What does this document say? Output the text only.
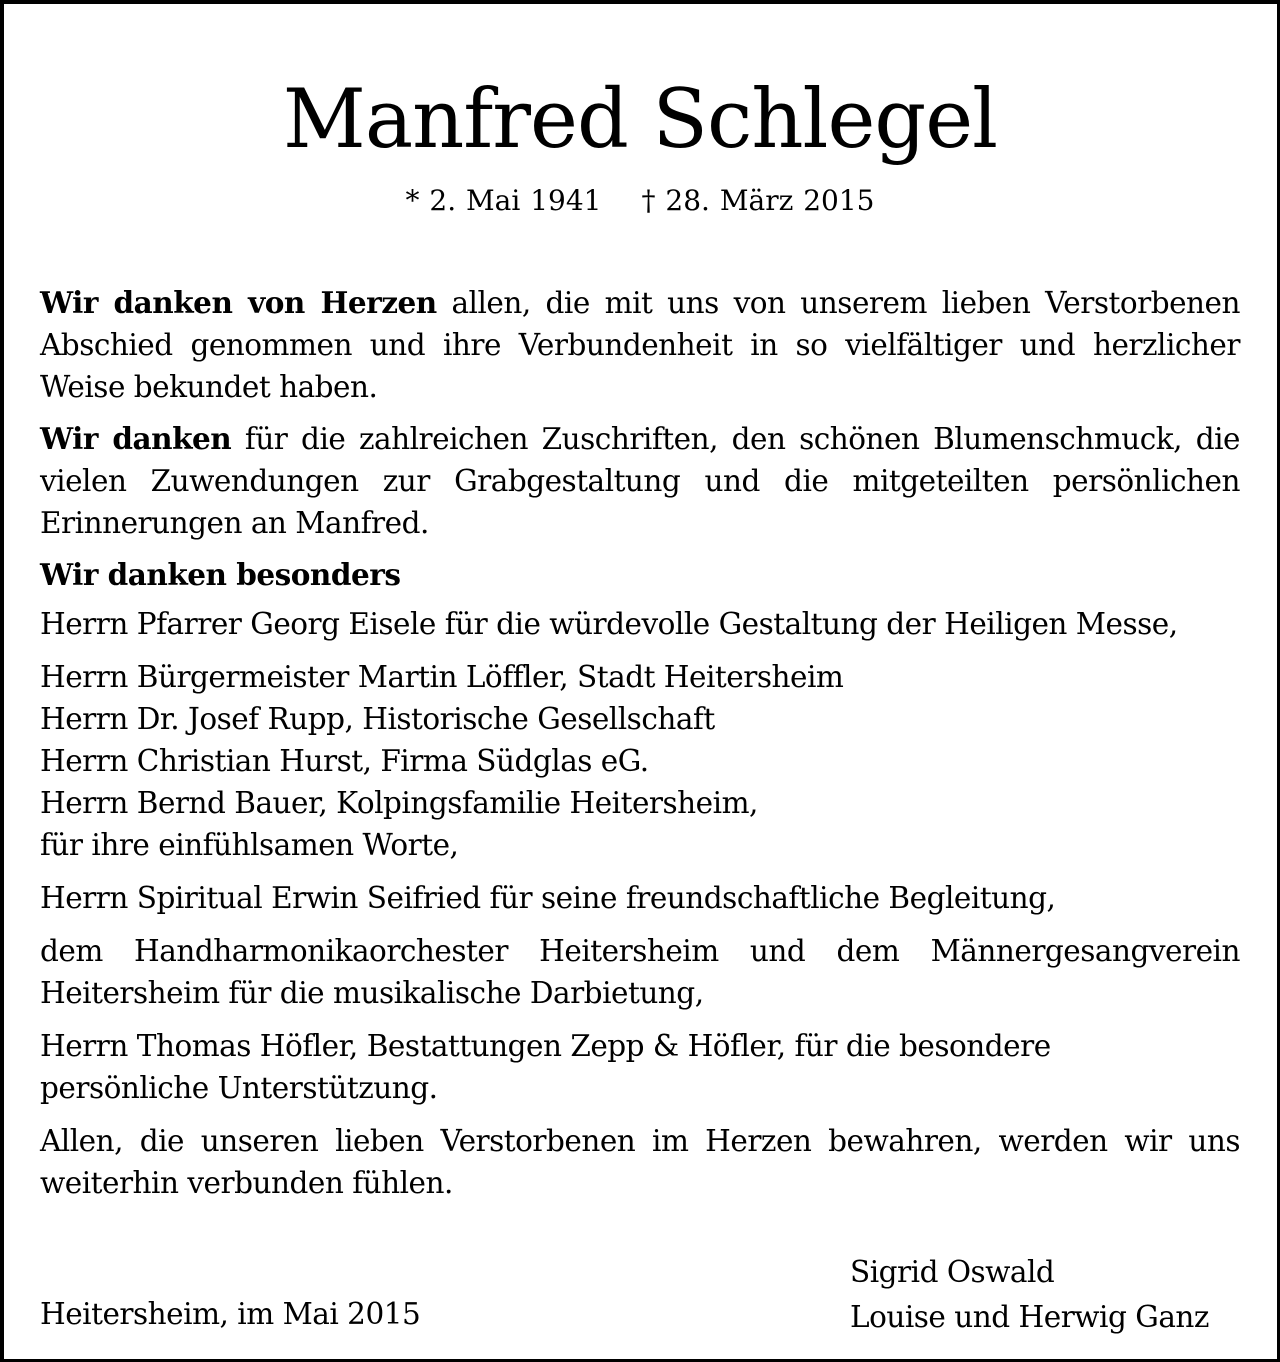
Manfred Schlegel
* 2. Mai 1941 † 28. März 2015

Wir danken von Herzen allen, die mit uns von unserem lieben Verstorbenen Abschied genommen und ihre Verbundenheit in so vielfältiger und herzlicher Weise bekundet haben.

Wir danken für die zahlreichen Zuschriften, den schönen Blumenschmuck, die vielen Zuwendungen zur Grabgestaltung und die mitgeteilten persönlichen Erinnerungen an Manfred.

Wir danken besonders

Herrn Pfarrer Georg Eisele für die würdevolle Gestaltung der Heiligen Messe,

Herrn Bürgermeister Martin Löffler, Stadt Heitersheim
Herrn Dr. Josef Rupp, Historische Gesellschaft
Herrn Christian Hurst, Firma Südglas eG.
Herrn Bernd Bauer, Kolpingsfamilie Heitersheim,
für ihre einfühlsamen Worte,

Herrn Spiritual Erwin Seifried für seine freundschaftliche Begleitung,

dem Handharmonikaorchester Heitersheim und dem Männergesangverein Heitersheim für die musikalische Darbietung,

Herrn Thomas Höfler, Bestattungen Zepp & Höfler, für die besondere persönliche Unterstützung.

Allen, die unseren lieben Verstorbenen im Herzen bewahren, werden wir uns weiterhin verbunden fühlen.

Heitersheim, im Mai 2015
Sigrid Oswald
Louise und Herwig Ganz
